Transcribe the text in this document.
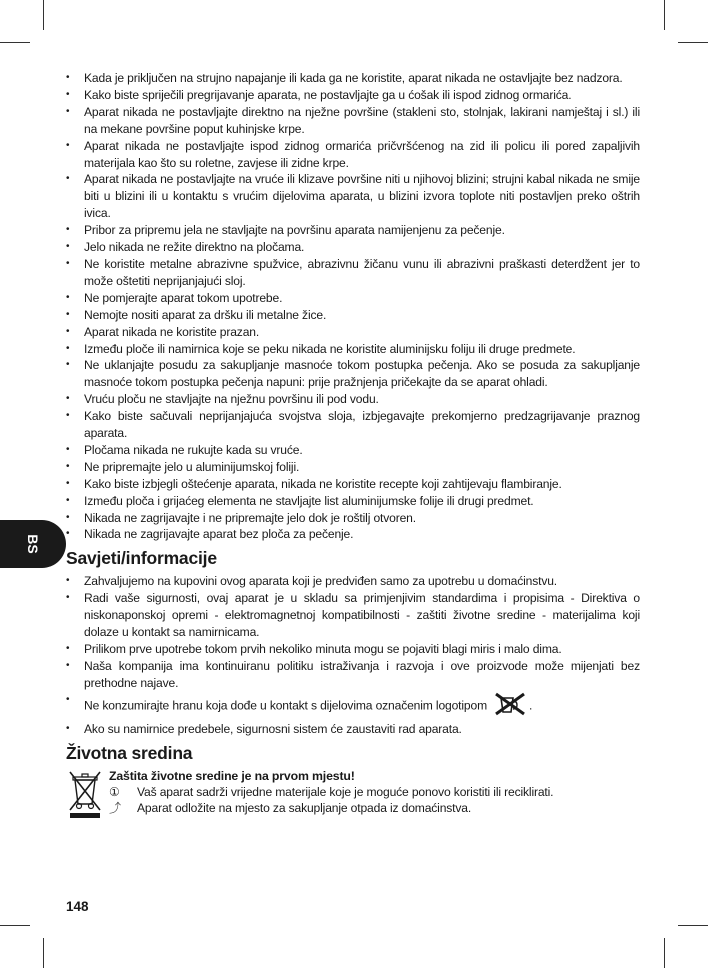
BS
• Kada je priključen na strujno napajanje ili kada ga ne koristite, aparat nikada ne ostavljajte bez nadzora.
• Kako biste spriječili pregrijavanje aparata, ne postavljajte ga u ćošak ili ispod zidnog ormarića.
• Aparat nikada ne postavljajte direktno na nježne površine (stakleni sto, stolnjak, lakirani namještaj i sl.) ili na mekane površine poput kuhinjske krpe.
• Aparat nikada ne postavljajte ispod zidnog ormarića pričvršćenog na zid ili policu ili pored zapaljivih materijala kao što su roletne, zavjese ili zidne krpe.
• Aparat nikada ne postavljajte na vruće ili klizave površine niti u njihovoj blizini; strujni kabal nikada ne smije biti u blizini ili u kontaktu s vrućim dijelovima aparata, u blizini izvora toplote niti postavljen preko oštrih ivica.
• Pribor za pripremu jela ne stavljajte na površinu aparata namijenjenu za pečenje.
• Jelo nikada ne režite direktno na pločama.
• Ne koristite metalne abrazivne spužvice, abrazivnu žičanu vunu ili abrazivni praškasti deterdžent jer to može oštetiti neprijanjajući sloj.
• Ne pomjerajte aparat tokom upotrebe.
• Nemojte nositi aparat za dršku ili metalne žice.
• Aparat nikada ne koristite prazan.
• Između ploče ili namirnica koje se peku nikada ne koristite aluminijsku foliju ili druge predmete.
• Ne uklanjajte posudu za sakupljanje masnoće tokom postupka pečenja. Ako se posuda za sakupljanje masnoće tokom postupka pečenja napuni: prije pražnjenja pričekajte da se aparat ohladi.
• Vruću ploču ne stavljajte na nježnu površinu ili pod vodu.
• Kako biste sačuvali neprijanjajuća svojstva sloja, izbjegavajte prekomjerno predzagrijavanje praznog aparata.
• Pločama nikada ne rukujte kada su vruće.
• Ne pripremajte jelo u aluminijumskoj foliji.
• Kako biste izbjegli oštećenje aparata, nikada ne koristite recepte koji zahtijevaju flambiranje.
• Između ploča i grijaćeg elementa ne stavljajte list aluminijumske folije ili drugi predmet.
• Nikada ne zagrijavajte i ne pripremajte jelo dok je roštilj otvoren.
• Nikada ne zagrijavajte aparat bez ploča za pečenje.
Savjeti/informacije
• Zahvaljujemo na kupovini ovog aparata koji je predviđen samo za upotrebu u domaćinstvu.
• Radi vaše sigurnosti, ovaj aparat je u skladu sa primjenjivim standardima i propisima - Direktiva o niskonaponskoj opremi - elektromagnetnoj kompatibilnosti - zaštiti životne sredine - materijalima koji dolaze u kontakt sa namirnicama.
• Prilikom prve upotrebe tokom prvih nekoliko minuta mogu se pojaviti blagi miris i malo dima.
• Naša kompanija ima kontinuiranu politiku istraživanja i razvoja i ove proizvode može mijenjati bez prethodne najave.
• Ne konzumirajte hranu koja dođe u kontakt s dijelovima označenim logotipom	.
• Ako su namirnice predebele, sigurnosni sistem će zaustaviti rad aparata.
Životna sredina
Zaštita životne sredine je na prvom mjestu!
① Vaš aparat sadrži vrijedne materijale koje je moguće ponovo koristiti ili reciklirati.
⤴ Aparat odložite na mjesto za sakupljanje otpada iz domaćinstva.
148
